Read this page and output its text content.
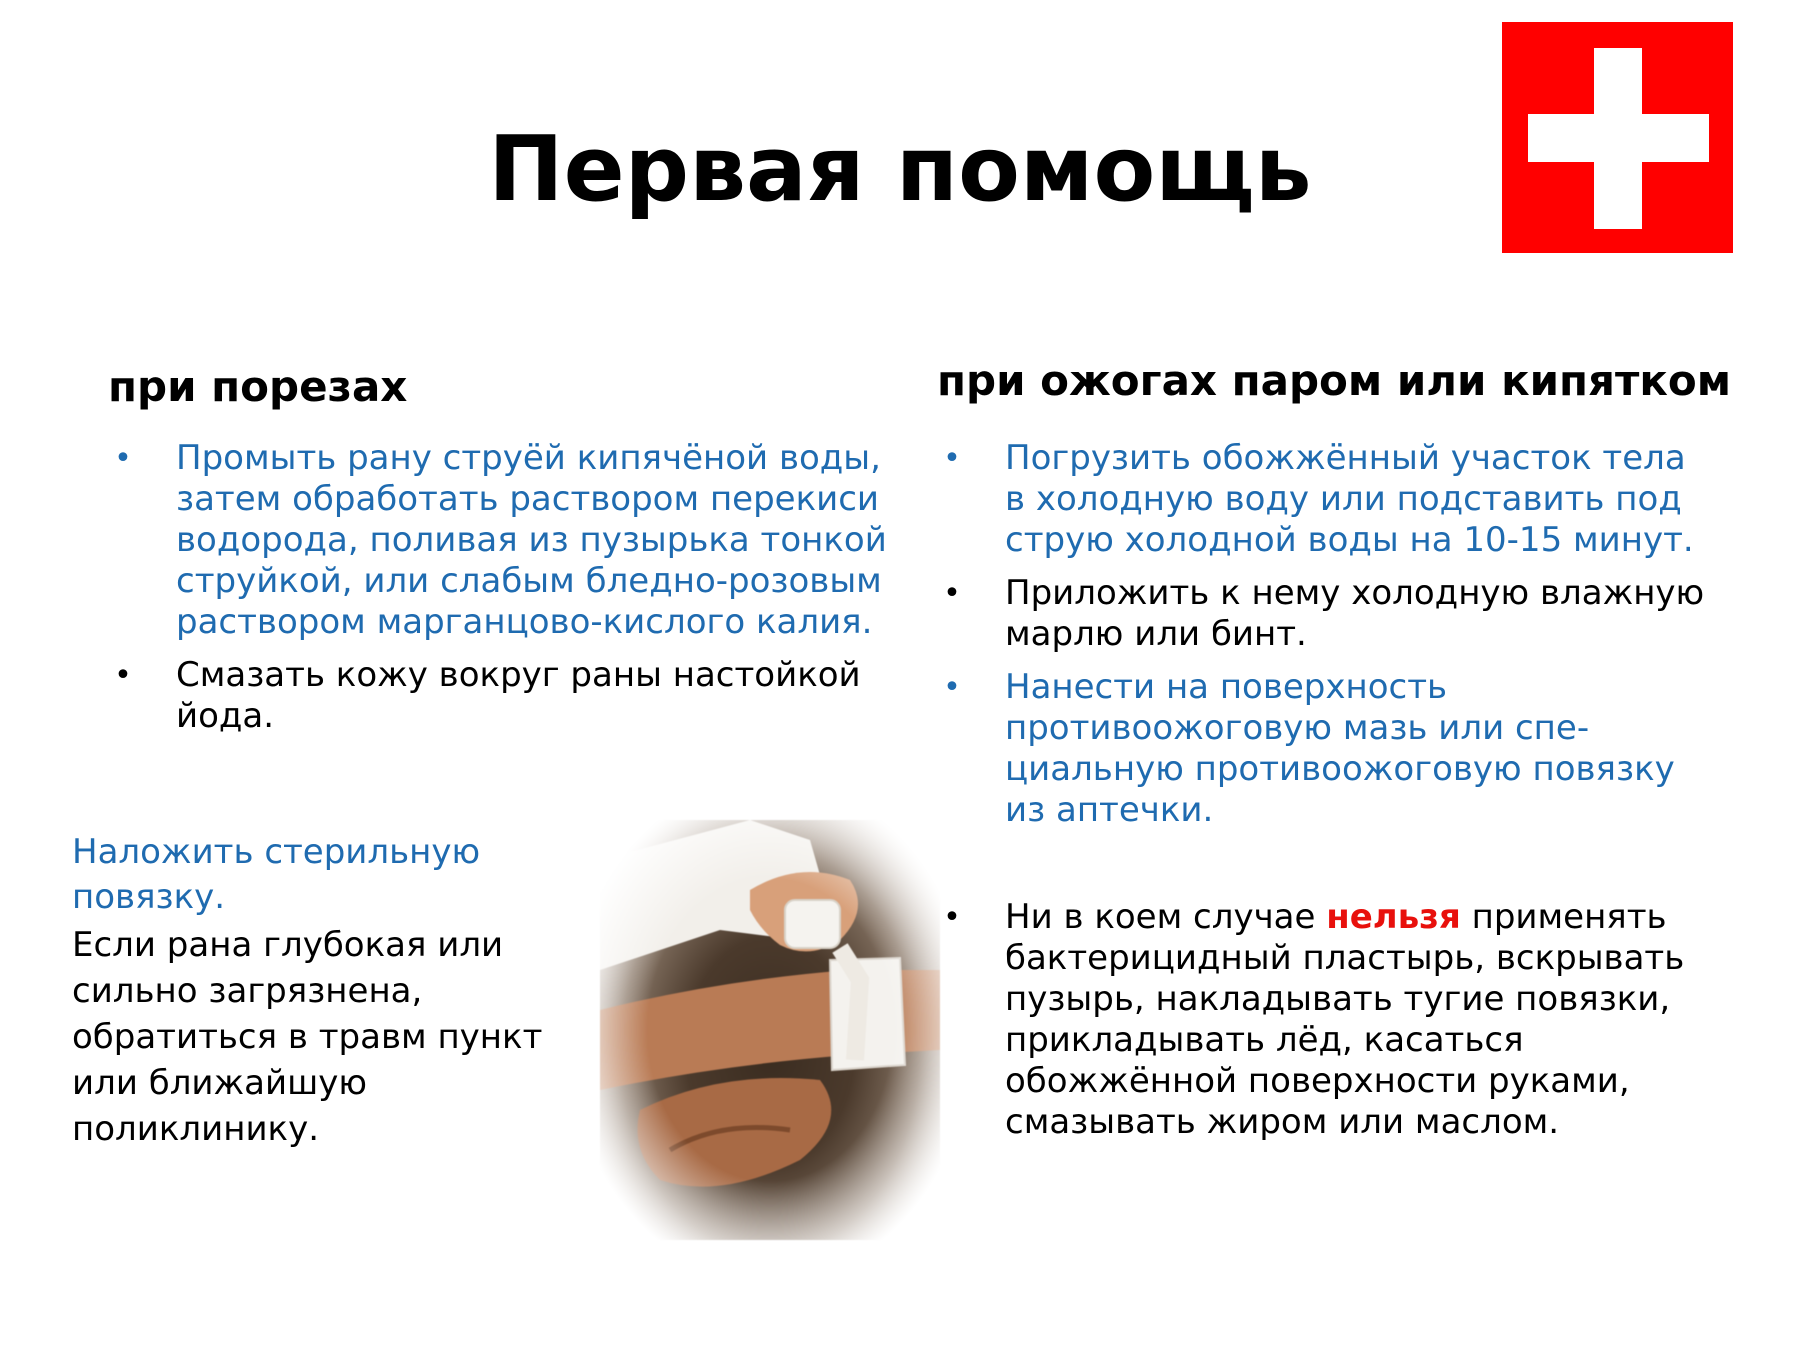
Первая помощь
при порезах
• Промыть рану струёй кипячёной воды, затем обработать раствором перекиси водорода, поливая из пузырька тонкой струйкой, или слабым бледно-розовым раствором марганцово-кислого калия.
• Смазать кожу вокруг раны настойкой йода.
Наложить стерильную повязку.
Если рана глубокая или сильно загрязнена, обратиться в травм пункт или ближайшую поликлинику.
при ожогах паром или кипятком
• Погрузить обожжённый участок тела в холодную воду или подставить под струю холодной воды на 10-15 минут.
• Приложить к нему холодную влажную марлю или бинт.
• Нанести на поверхность противоожоговую мазь или спе-циальную противоожоговую повязку из аптечки.
• Ни в коем случае нельзя применять бактерицидный пластырь, вскрывать пузырь, накладывать тугие повязки, прикладывать лёд, касаться обожжённой поверхности руками, смазывать жиром или маслом.
